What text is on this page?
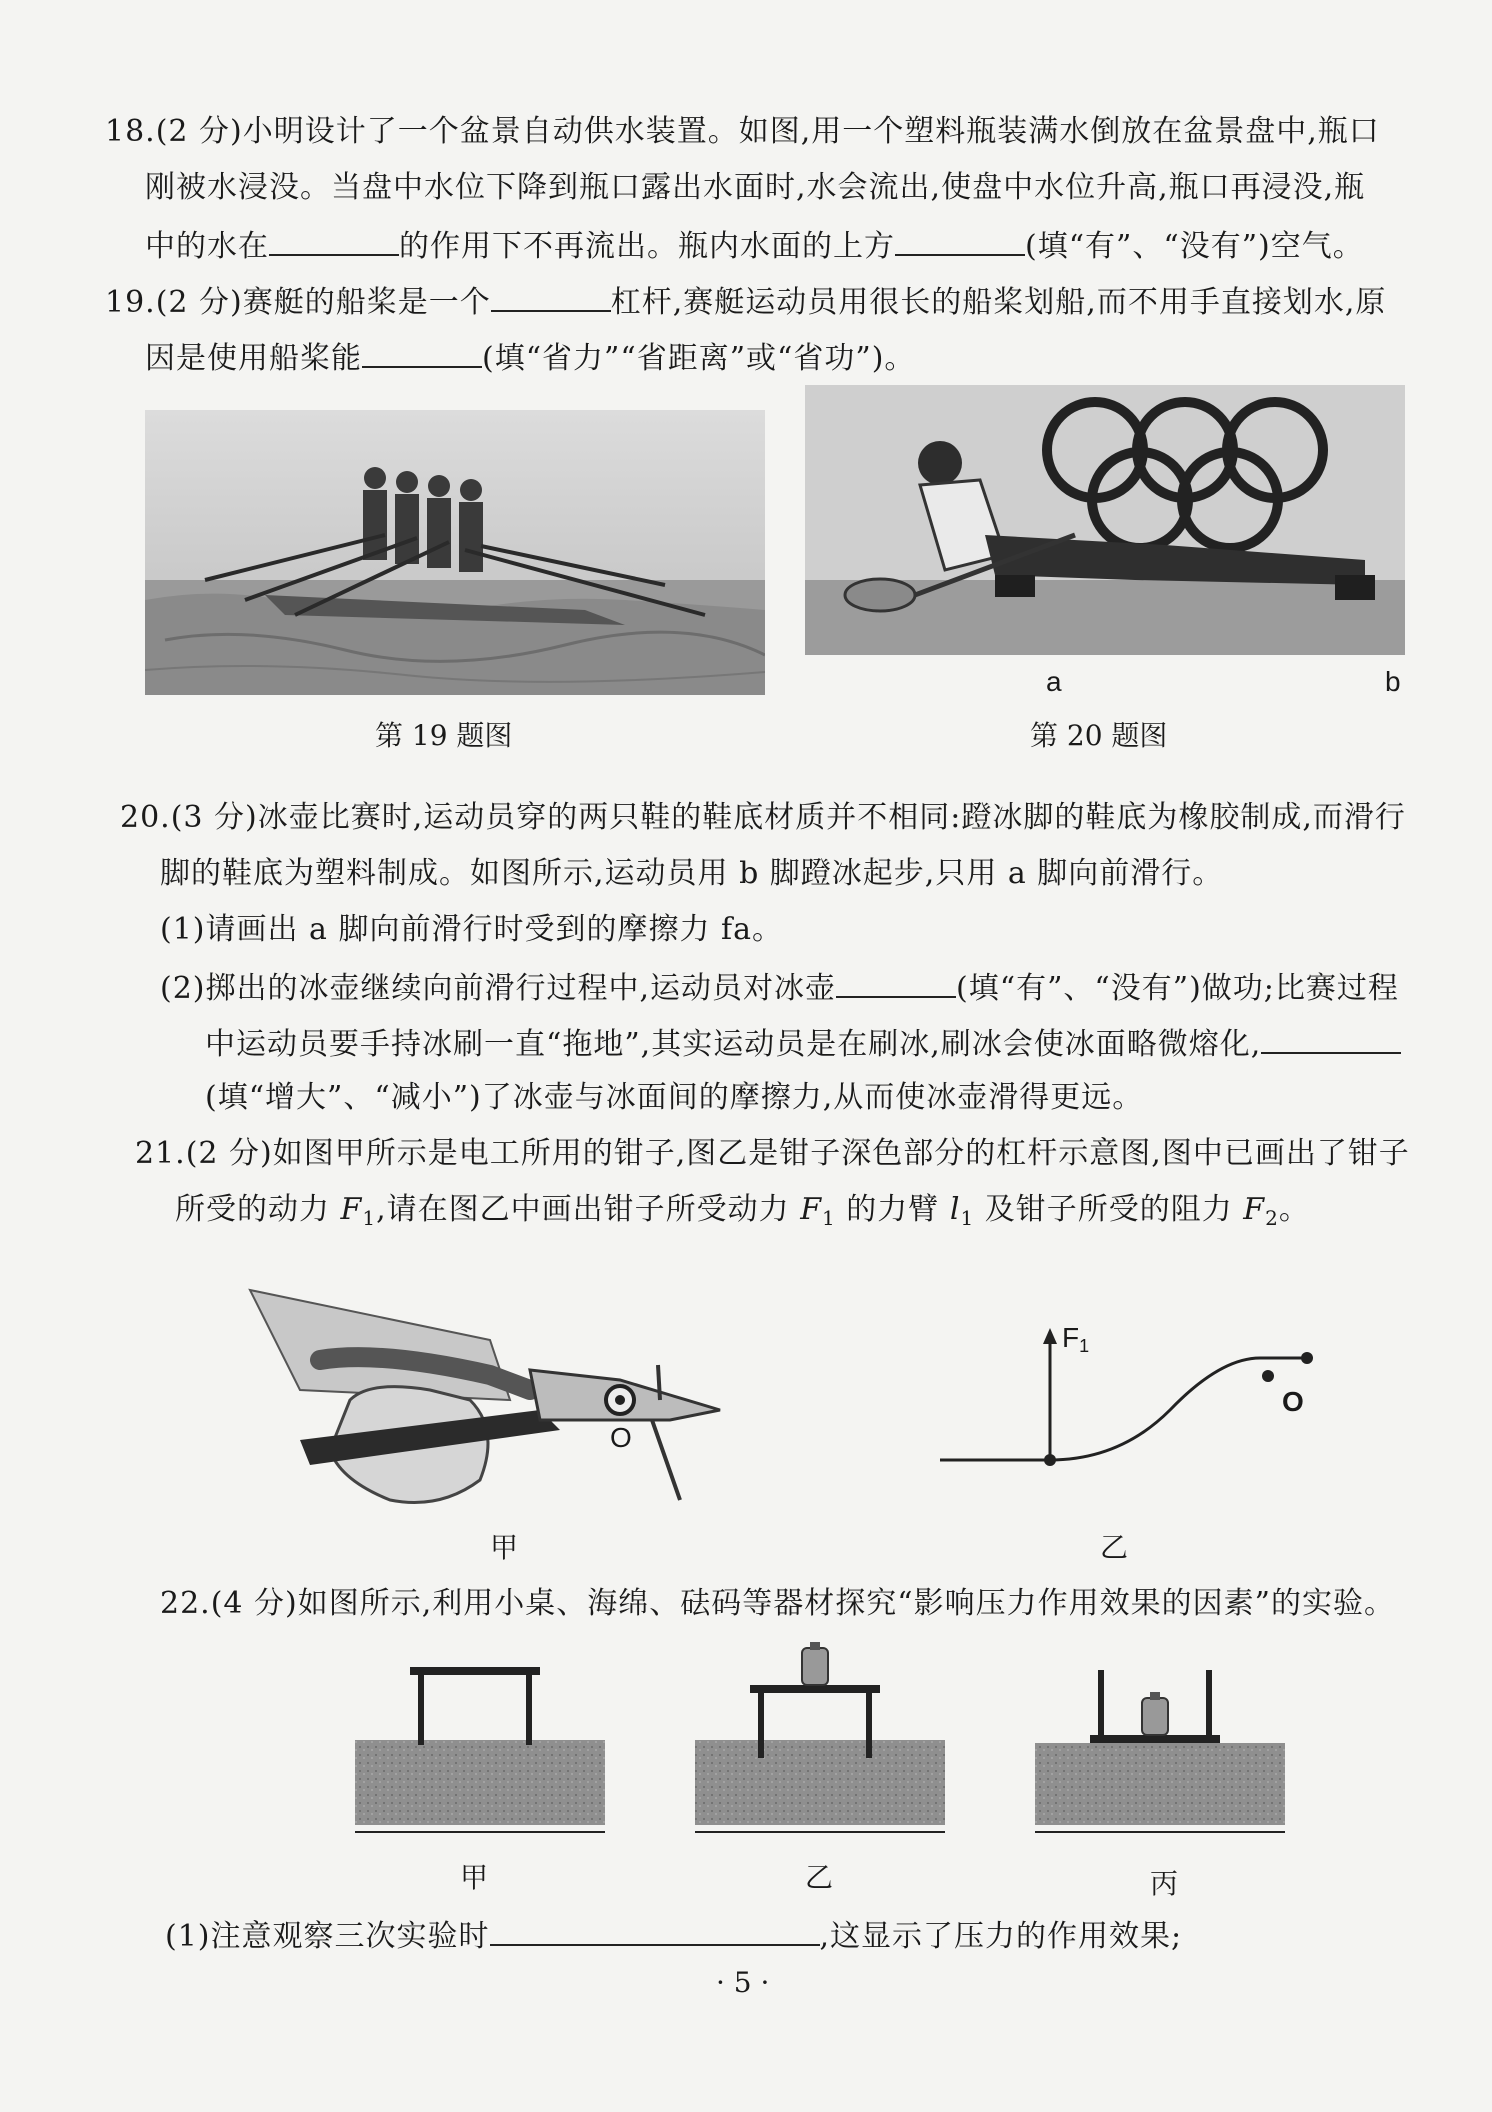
18.(2 分)小明设计了一个盆景自动供水装置。如图,用一个塑料瓶装满水倒放在盆景盘中,瓶口
刚被水浸没。当盘中水位下降到瓶口露出水面时,水会流出,使盘中水位升高,瓶口再浸没,瓶
中的水在	的作用下不再流出。瓶内水面的上方	(填“有”、“没有”)空气。
19.(2 分)赛艇的船桨是一个	杠杆,赛艇运动员用很长的船桨划船,而不用手直接划水,原
因是使用船桨能	(填“省力”“省距离”或“省功”)。
第 19 题图
a	b
第 20 题图
20.(3 分)冰壶比赛时,运动员穿的两只鞋的鞋底材质并不相同:蹬冰脚的鞋底为橡胶制成,而滑行
脚的鞋底为塑料制成。如图所示,运动员用 b 脚蹬冰起步,只用 a 脚向前滑行。
(1)请画出 a 脚向前滑行时受到的摩擦力 fa。
(2)掷出的冰壶继续向前滑行过程中,运动员对冰壶	(填“有”、“没有”)做功;比赛过程
中运动员要手持冰刷一直“拖地”,其实运动员是在刷冰,刷冰会使冰面略微熔化,
(填“增大”、“减小”)了冰壶与冰面间的摩擦力,从而使冰壶滑得更远。
21.(2 分)如图甲所示是电工所用的钳子,图乙是钳子深色部分的杠杆示意图,图中已画出了钳子
所受的动力 $F_1$,请在图乙中画出钳子所受动力 $F_1$ 的力臂 $l_1$ 及钳子所受的阻力 $F_2$。
O
甲
F1
O
乙
22.(4 分)如图所示,利用小桌、海绵、砝码等器材探究“影响压力作用效果的因素”的实验。
甲	乙	丙
(1)注意观察三次实验时	,这显示了压力的作用效果;
· 5 ·
